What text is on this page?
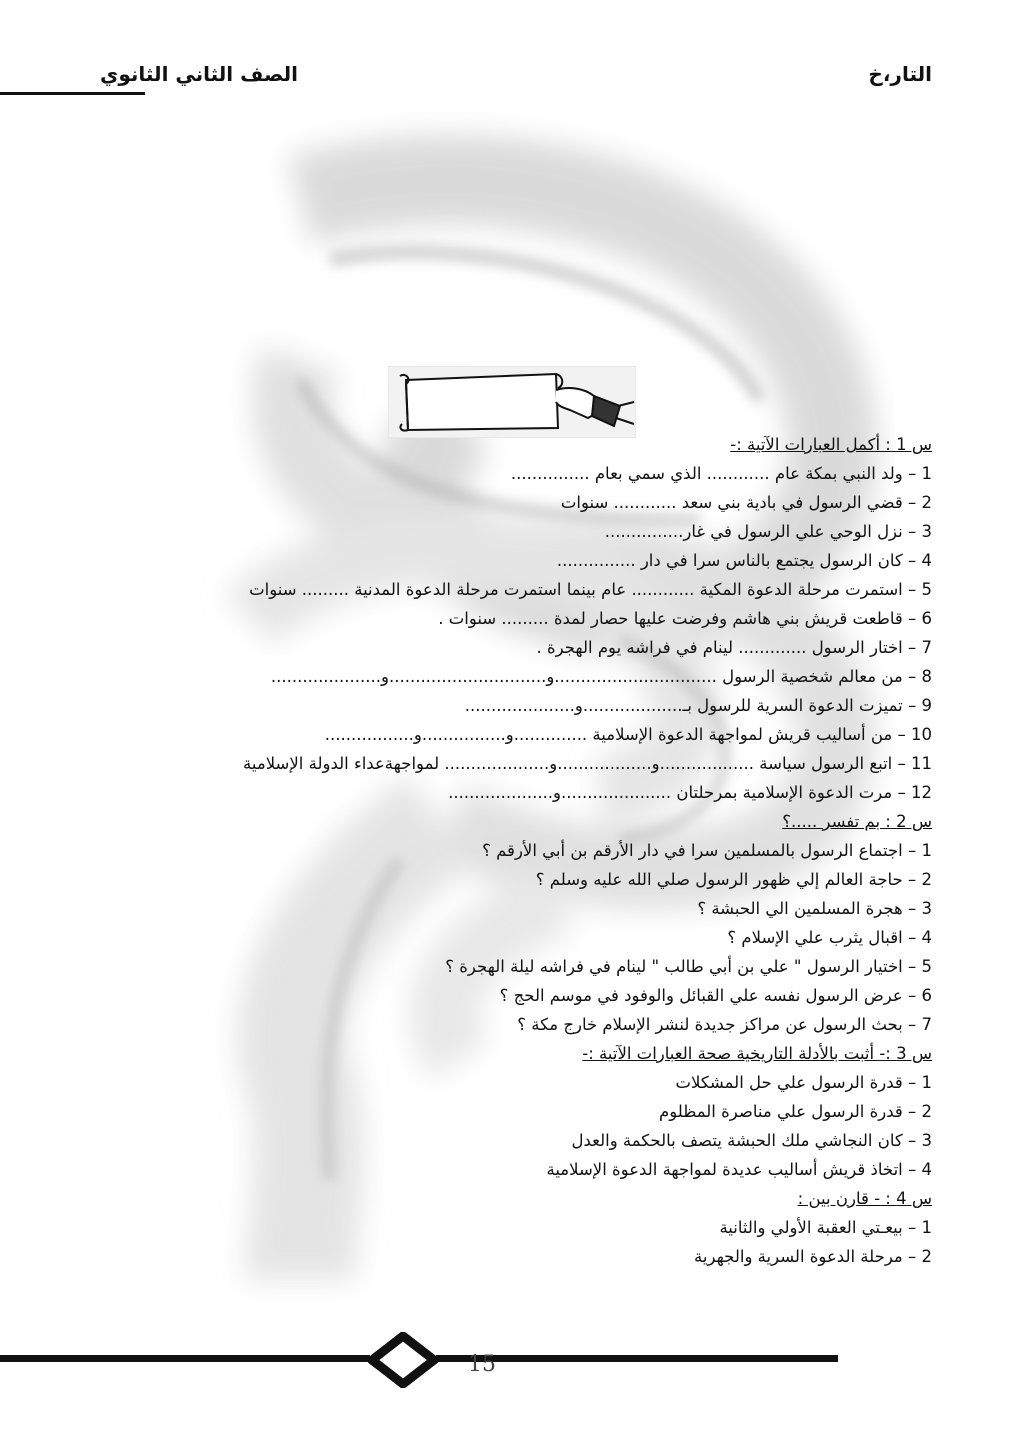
الصف الثاني الثانوي	التار،خ
س 1 : أكمل العبارات الآتية :-
1 – ولد النبي بمكة عام ............ الذي سمي بعام ...............
2 – قضي الرسول في بادية بني سعد ............ سنوات
3 – نزل الوحي علي الرسول في غار...............
4 – كان الرسول يجتمع بالناس سرا في دار ...............
5 – استمرت مرحلة الدعوة المكية ............ عام بينما استمرت مرحلة الدعوة المدنية ......... سنوات
6 – قاطعت قريش بني هاشم وفرضت عليها حصار لمدة ......... سنوات .
7 – اختار الرسول ............. لينام في فراشه يوم الهجرة .
8 – من معالم شخصية الرسول ...............................و..............................و.....................
9 – تميزت الدعوة السرية للرسول بـ...................و.....................
10 – من أساليب قريش لمواجهة الدعوة الإسلامية ..............و................و.................
11 – اتبع الرسول سياسة ..................و..................و.................... لمواجهةعداء الدولة الإسلامية
12 – مرت الدعوة الإسلامية بمرحلتان .....................و....................
س 2 : بم تفسر .....؟
1 – اجتماع الرسول بالمسلمين سرا في دار الأرقم بن أبي الأرقم ؟
2 – حاجة العالم إلي ظهور الرسول صلي الله عليه وسلم ؟
3 – هجرة المسلمين الي الحبشة ؟
4 – اقبال يثرب علي الإسلام ؟
5 – اختيار الرسول " علي بن أبي طالب " لينام في فراشه ليلة الهجرة ؟
6 – عرض الرسول نفسه علي القبائل والوفود في موسم الحج ؟
7 – بحث الرسول عن مراكز جديدة لنشر الإسلام خارج مكة ؟
س 3 :- أثبت بالأدلة التاريخية صحة العبارات الآتية :-
1 – قدرة الرسول علي حل المشكلات
2 – قدرة الرسول علي مناصرة المظلوم
3 – كان النجاشي ملك الحبشة يتصف بالحكمة والعدل
4 – اتخاذ قريش أساليب عديدة لمواجهة الدعوة الإسلامية
س 4 : - قارن بين :
1 – بيعـتي العقبة الأولي والثانية
2 – مرحلة الدعوة السرية والجهرية
15
